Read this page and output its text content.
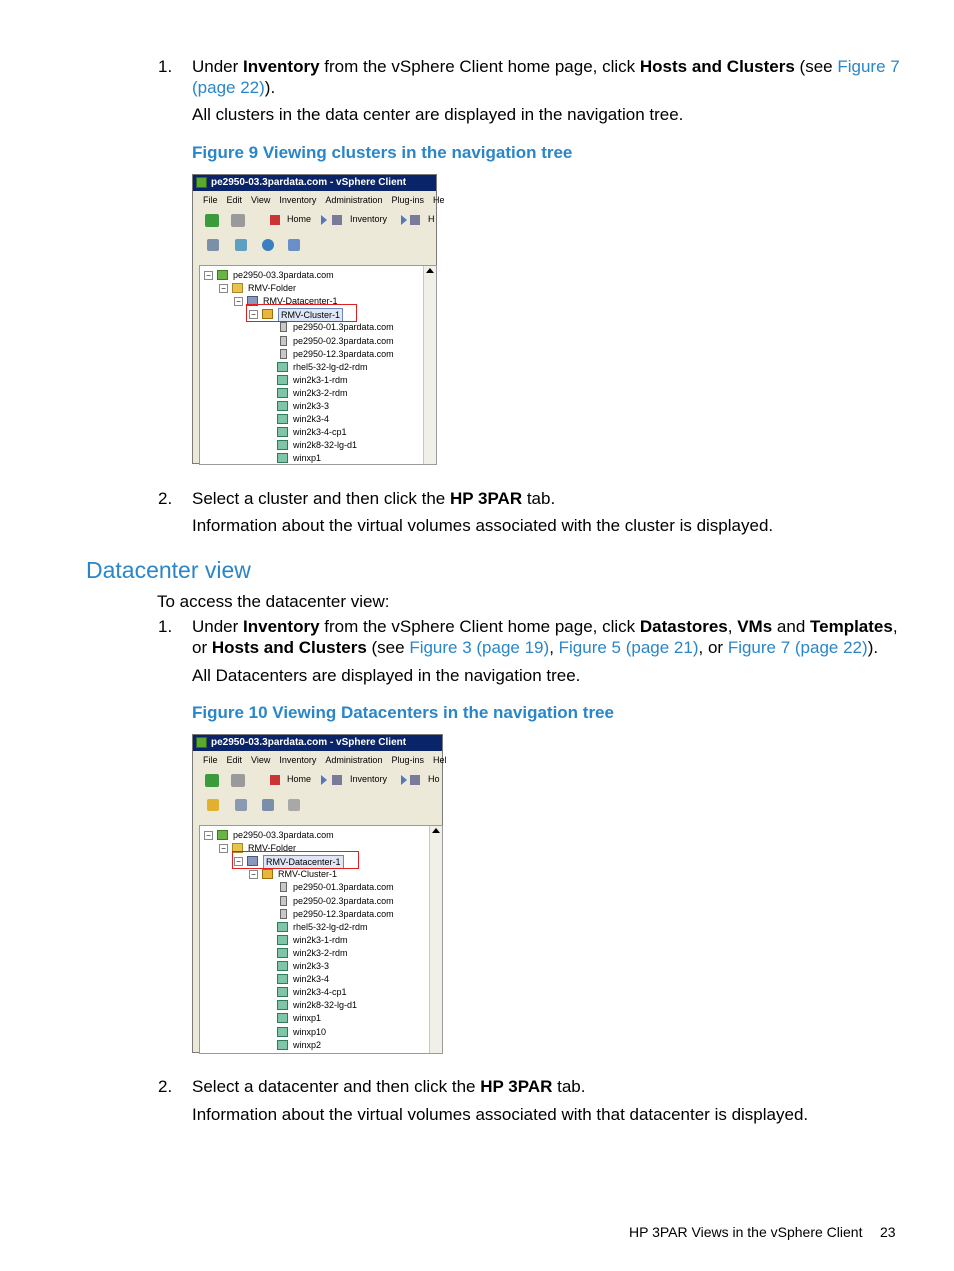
1. Under Inventory from the vSphere Client home page, click Hosts and Clusters (see Figure 7
(page 22)).
All clusters in the data center are displayed in the navigation tree.
Figure 9 Viewing clusters in the navigation tree
pe2950-03.3pardata.com - vSphere Client
File Edit View Inventory Administration Plug-ins He
Home	Inventory	H
− pe2950-03.3pardata.com
− RMV-Folder
− RMV-Datacenter-1
−	RMV-Cluster-1
pe2950-01.3pardata.com
pe2950-02.3pardata.com
pe2950-12.3pardata.com
rhel5-32-lg-d2-rdm
win2k3-1-rdm
win2k3-2-rdm
win2k3-3
win2k3-4
win2k3-4-cp1
win2k8-32-lg-d1
winxp1
2. Select a cluster and then click the HP 3PAR tab.
Information about the virtual volumes associated with the cluster is displayed.
Datacenter view
To access the datacenter view:
1. Under Inventory from the vSphere Client home page, click Datastores, VMs and Templates,
or Hosts and Clusters (see Figure 3 (page 19), Figure 5 (page 21), or Figure 7 (page 22)).
All Datacenters are displayed in the navigation tree.
Figure 10 Viewing Datacenters in the navigation tree
pe2950-03.3pardata.com - vSphere Client
File Edit View Inventory Administration Plug-ins Hel
Home	Inventory	Ho
− pe2950-03.3pardata.com
− RMV-Folder
−	RMV-Datacenter-1
− RMV-Cluster-1
pe2950-01.3pardata.com
pe2950-02.3pardata.com
pe2950-12.3pardata.com
rhel5-32-lg-d2-rdm
win2k3-1-rdm
win2k3-2-rdm
win2k3-3
win2k3-4
win2k3-4-cp1
win2k8-32-lg-d1
winxp1
winxp10
winxp2
2. Select a datacenter and then click the HP 3PAR tab.
Information about the virtual volumes associated with that datacenter is displayed.
HP 3PAR Views in the vSphere Client 23
